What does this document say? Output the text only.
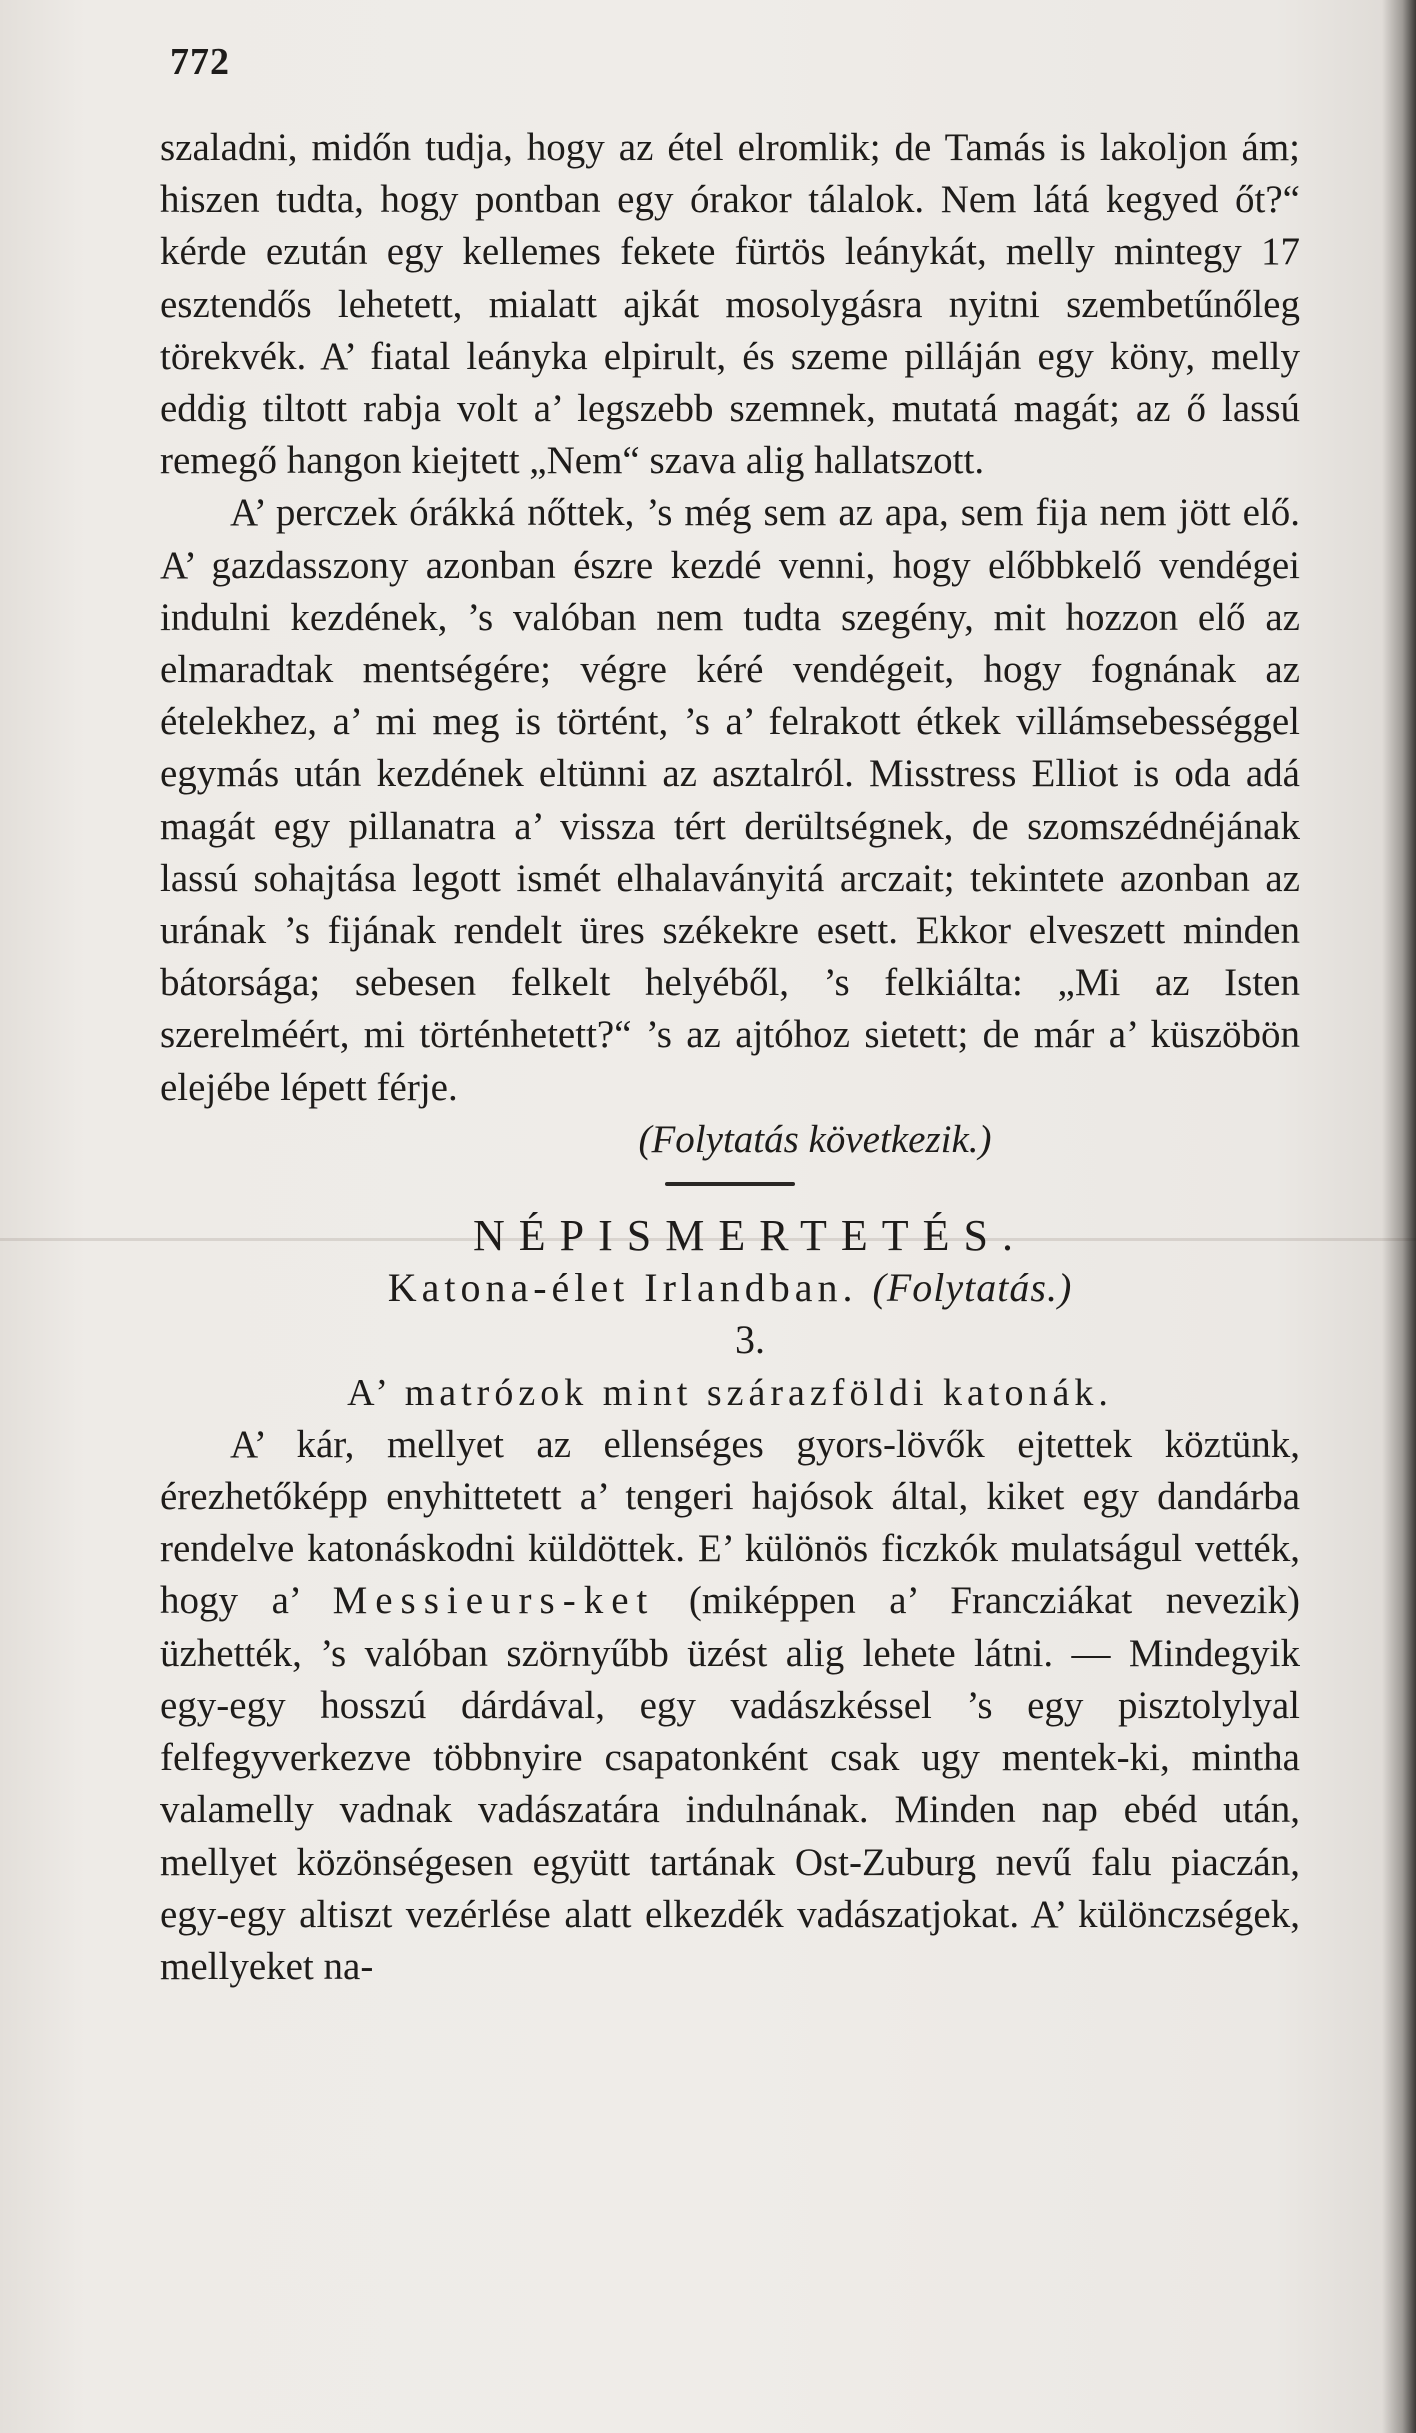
772

szaladni, midőn tudja, hogy az étel elromlik; de Tamás is lakoljon ám; hiszen tudta, hogy pontban egy órakor tálalok. Nem látá kegyed őt?“ kérde ezután egy kellemes fekete fürtös leánykát, melly mintegy 17 esztendős lehetett, mialatt ajkát mosolygásra nyitni szembetűnőleg törekvék. A’ fiatal leányka elpirult, és szeme pilláján egy köny, melly eddig tiltott rabja volt a’ legszebb szemnek, mutatá magát; az ő lassú remegő hangon kiejtett „Nem“ szava alig hallatszott.

A’ perczek órákká nőttek, ’s még sem az apa, sem fija nem jött elő. A’ gazdasszony azonban észre kezdé venni, hogy előbbkelő vendégei indulni kezdének, ’s valóban nem tudta szegény, mit hozzon elő az elmaradtak mentségére; végre kéré vendégeit, hogy fognának az ételekhez, a’ mi meg is történt, ’s a’ felrakott étkek villámsebességgel egymás után kezdének eltünni az asztalról. Misstress Elliot is oda adá magát egy pillanatra a’ vissza tért derültségnek, de szomszédnéjának lassú sohajtása legott ismét elhalaványitá arczait; tekintete azonban az urának ’s fijának rendelt üres székekre esett. Ekkor elveszett minden bátorsága; sebesen felkelt helyéből, ’s felkiálta: „Mi az Isten szerelméért, mi történhetett?“ ’s az ajtóhoz sietett; de már a’ küszöbön elejébe lépett férje.

(Folytatás következik.)

NÉPISMERTETÉS.

Katona-élet Irlandban. (Folytatás.)

3.

A’ matrózok mint szárazföldi katonák.

A’ kár, mellyet az ellenséges gyors-lövők ejtettek köztünk, érezhetőképp enyhittetett a’ tengeri hajósok által, kiket egy dandárba rendelve katonáskodni küldöttek. E’ különös ficzkók mulatságul vették, hogy a’ Messieurs-ket (miképpen a’ Francziákat nevezik) üzhették, ’s valóban szörnyűbb üzést alig lehete látni. — Mindegyik egy-egy hosszú dárdával, egy vadászkéssel ’s egy pisztolylyal felfegyverkezve többnyire csapatonként csak ugy mentek-ki, mintha valamelly vadnak vadászatára indulnának. Minden nap ebéd után, mellyet közönségesen együtt tartának Ost-Zuburg nevű falu piaczán, egy-egy altiszt vezérlése alatt elkezdék vadászatjokat. A’ különczségek, mellyeket na-
